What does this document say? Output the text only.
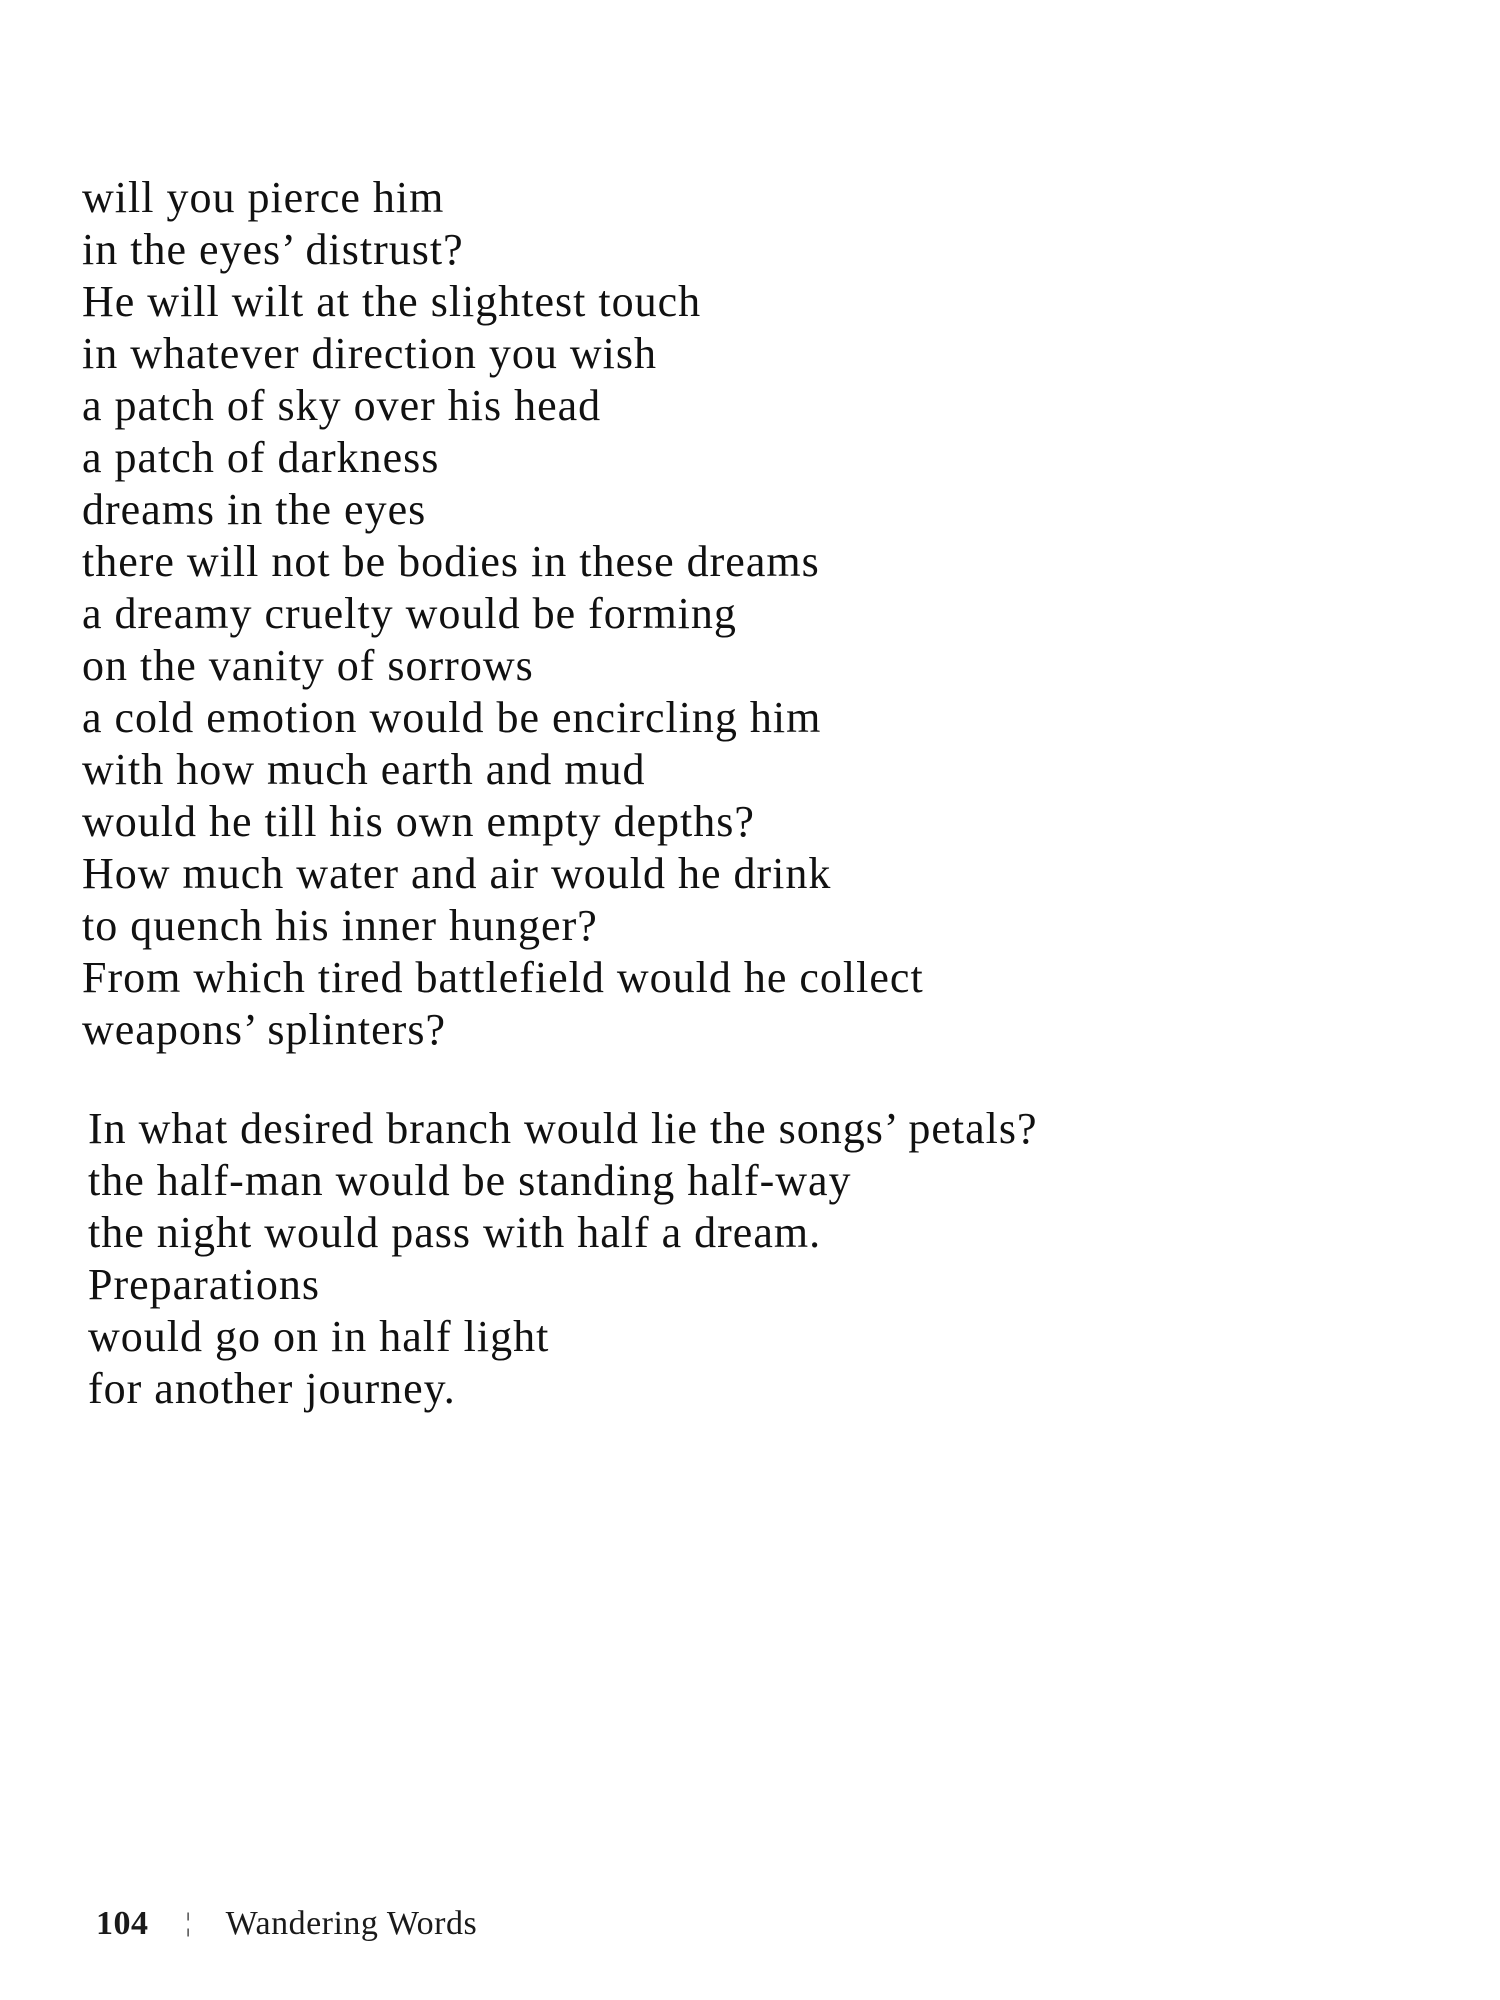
will you pierce him
in the eyes’ distrust?
He will wilt at the slightest touch
in whatever direction you wish
a patch of sky over his head
a patch of darkness
dreams in the eyes
there will not be bodies in these dreams
a dreamy cruelty would be forming
on the vanity of sorrows
a cold emotion would be encircling him
with how much earth and mud
would he till his own empty depths?
How much water and air would he drink
to quench his inner hunger?
From which tired battlefield would he collect
weapons’ splinters?
In what desired branch would lie the songs’ petals?
the half-man would be standing half-way
the night would pass with half a dream.
Preparations
would go on in half light
for another journey.
104 ¦ Wandering Words
